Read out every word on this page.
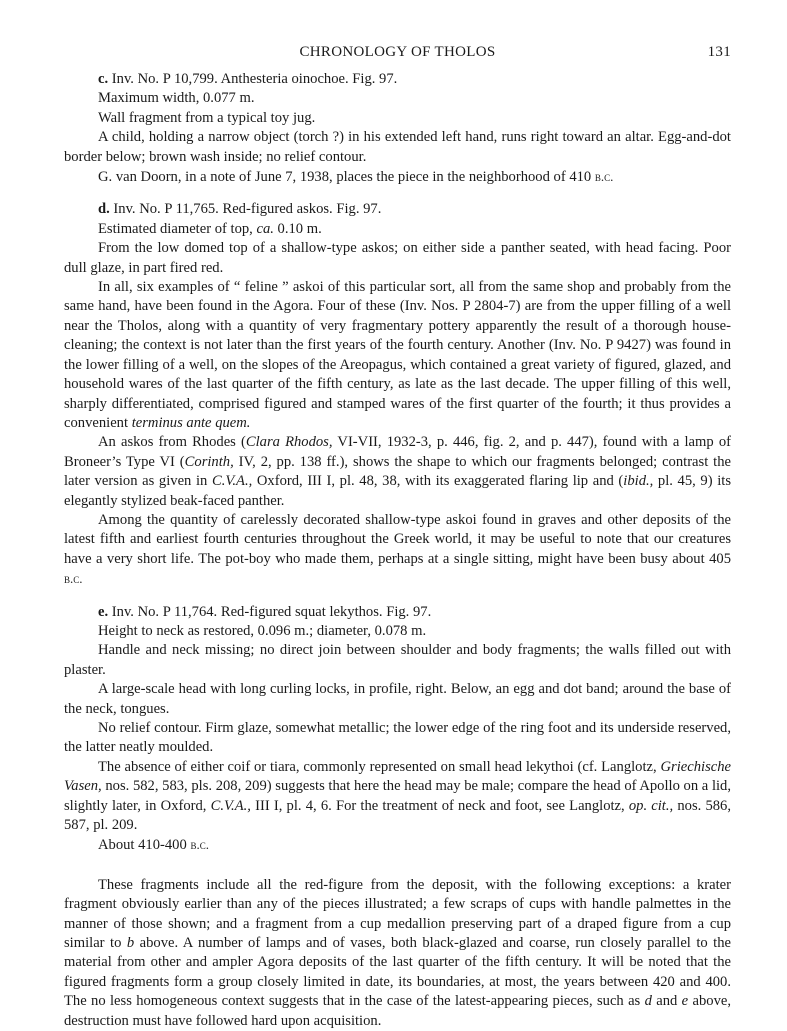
CHRONOLOGY OF THOLOS	131

c. Inv. No. P 10,799. Anthesteria oinochoe. Fig. 97.

Maximum width, 0.077 m.

Wall fragment from a typical toy jug.

A child, holding a narrow object (torch ?) in his extended left hand, runs right toward an altar. Egg-and-dot border below; brown wash inside; no relief contour.

G. van Doorn, in a note of June 7, 1938, places the piece in the neighborhood of 410 b.c.

d. Inv. No. P 11,765. Red-figured askos. Fig. 97.

Estimated diameter of top, ca. 0.10 m.

From the low domed top of a shallow-type askos; on either side a panther seated, with head facing. Poor dull glaze, in part fired red.

In all, six examples of “ feline ” askoi of this particular sort, all from the same shop and probably from the same hand, have been found in the Agora. Four of these (Inv. Nos. P 2804-7) are from the upper filling of a well near the Tholos, along with a quantity of very fragmentary pottery apparently the result of a thorough house-cleaning; the context is not later than the first years of the fourth century. Another (Inv. No. P 9427) was found in the lower filling of a well, on the slopes of the Areopagus, which contained a great variety of figured, glazed, and household wares of the last quarter of the fifth century, as late as the last decade. The upper filling of this well, sharply differentiated, comprised figured and stamped wares of the first quarter of the fourth; it thus provides a convenient terminus ante quem.

An askos from Rhodes (Clara Rhodos, VI-VII, 1932-3, p. 446, fig. 2, and p. 447), found with a lamp of Broneer’s Type VI (Corinth, IV, 2, pp. 138 ff.), shows the shape to which our fragments belonged; contrast the later version as given in C.V.A., Oxford, III I, pl. 48, 38, with its exaggerated flaring lip and (ibid., pl. 45, 9) its elegantly stylized beak-faced panther.

Among the quantity of carelessly decorated shallow-type askoi found in graves and other deposits of the latest fifth and earliest fourth centuries throughout the Greek world, it may be useful to note that our creatures have a very short life. The pot-boy who made them, perhaps at a single sitting, might have been busy about 405 b.c.

e. Inv. No. P 11,764. Red-figured squat lekythos. Fig. 97.

Height to neck as restored, 0.096 m.; diameter, 0.078 m.

Handle and neck missing; no direct join between shoulder and body fragments; the walls filled out with plaster.

A large-scale head with long curling locks, in profile, right. Below, an egg and dot band; around the base of the neck, tongues.

No relief contour. Firm glaze, somewhat metallic; the lower edge of the ring foot and its underside reserved, the latter neatly moulded.

The absence of either coif or tiara, commonly represented on small head lekythoi (cf. Langlotz, Griechische Vasen, nos. 582, 583, pls. 208, 209) suggests that here the head may be male; compare the head of Apollo on a lid, slightly later, in Oxford, C.V.A., III I, pl. 4, 6. For the treatment of neck and foot, see Langlotz, op. cit., nos. 586, 587, pl. 209.

About 410-400 b.c.

These fragments include all the red-figure from the deposit, with the following exceptions: a krater fragment obviously earlier than any of the pieces illustrated; a few scraps of cups with handle palmettes in the manner of those shown; and a fragment from a cup medallion preserving part of a draped figure from a cup similar to b above. A number of lamps and of vases, both black-glazed and coarse, run closely parallel to the material from other and ampler Agora deposits of the last quarter of the fifth century. It will be noted that the figured fragments form a group closely limited in date, its boundaries, at most, the years between 420 and 400. The no less homogeneous context suggests that in the case of the latest-appearing pieces, such as d and e above, destruction must have followed hard upon acquisition.
